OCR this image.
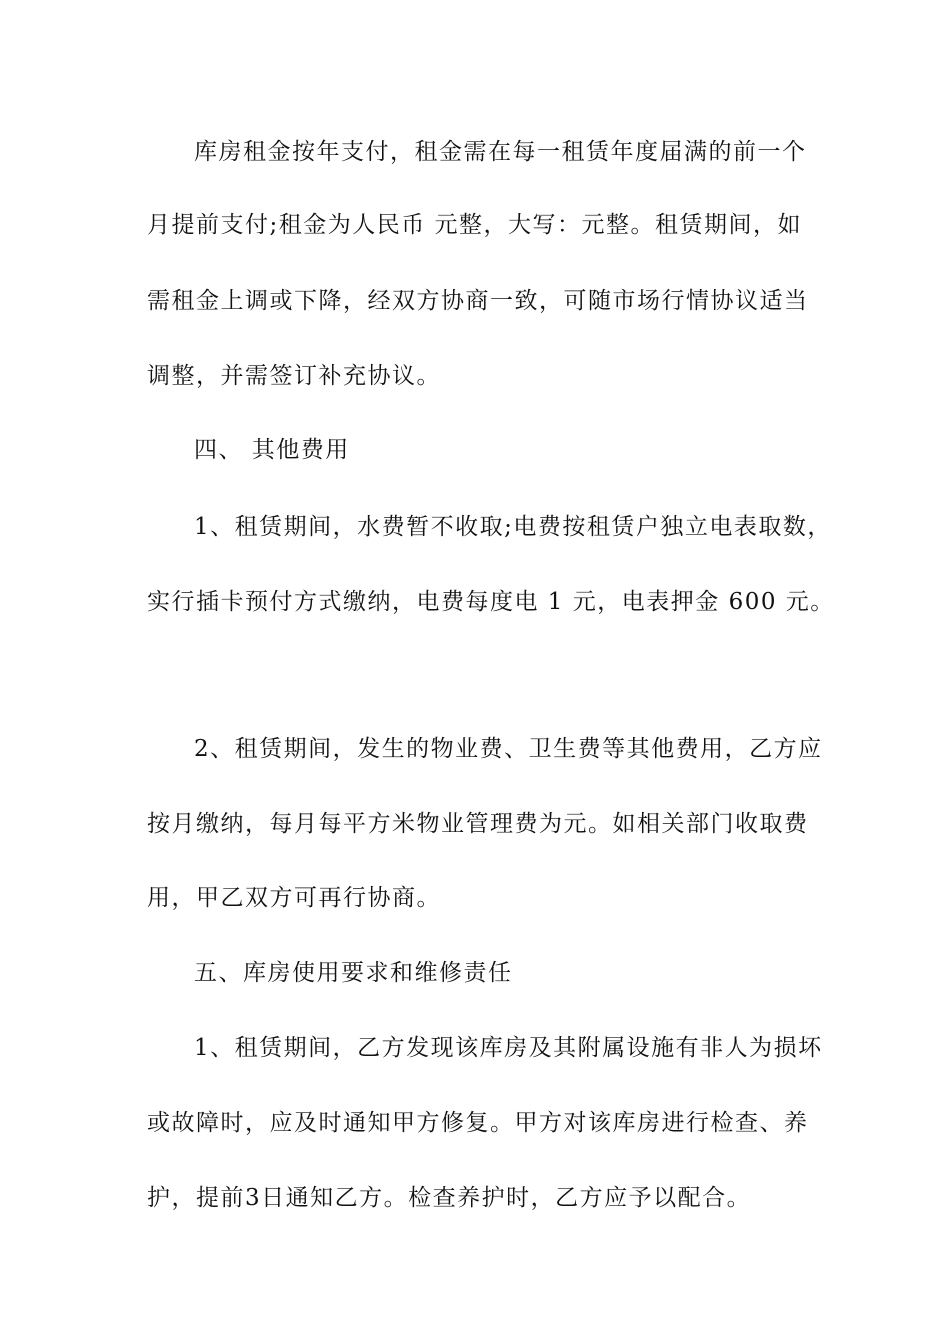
库房租金按年支付，租金需在每一租赁年度届满的前一个
月提前支付;租金为人民币 元整，大写：元整。租赁期间，如
需租金上调或下降，经双方协商一致，可随市场行情协议适当
调整，并需签订补充协议。
四、 其他费用
1、租赁期间，水费暂不收取;电费按租赁户独立电表取数，
实行插卡预付方式缴纳，电费每度电 1 元，电表押金 600 元。
2、租赁期间，发生的物业费、卫生费等其他费用，乙方应
按月缴纳，每月每平方米物业管理费为元。如相关部门收取费
用，甲乙双方可再行协商。
五、库房使用要求和维修责任
1、租赁期间，乙方发现该库房及其附属设施有非人为损坏
或故障时，应及时通知甲方修复。甲方对该库房进行检查、养
护，提前3日通知乙方。检查养护时，乙方应予以配合。
